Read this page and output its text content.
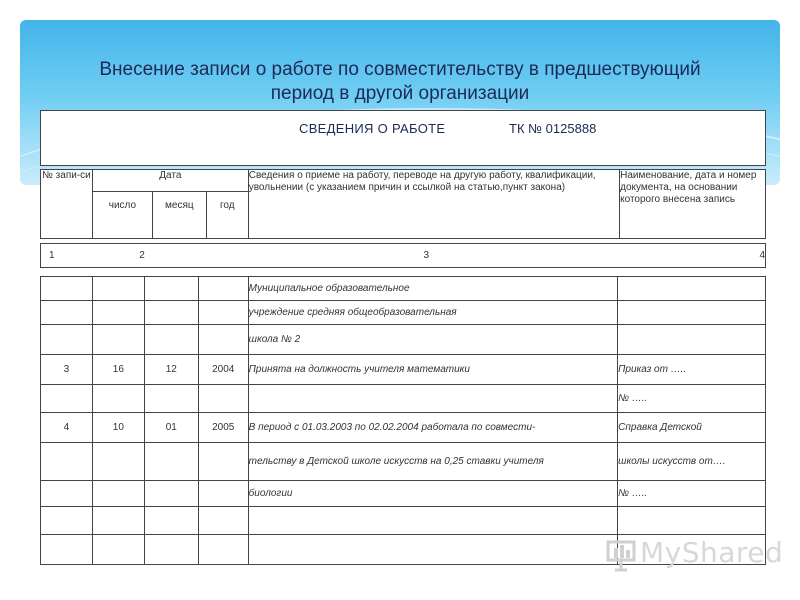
Внесение записи о работе по совместительству в предшествующий
период в другой организации
СВЕДЕНИЯ О РАБОТЕ	ТК № 0125888
№ запи-си	Дата			Сведения о приеме на работу, переводе на другую работу, квалификации, увольнении (с указанием причин и ссылкой на статью,пункт закона)	Наименование, дата и номер документа, на основании которого внесена запись
	число	месяц	год		
1	2	3	4
				Муниципальное образовательное	
				учреждение средняя общеобразовательная	
				школа № 2	
3	16	12	2004	Принята на должность учителя математики	Приказ от …..
					№ …..
4	10	01	2005	В период с 01.03.2003 по 02.02.2004 работала по совмести-	Справка Детской
				тельству в Детской школе искусств на 0,25 ставки учителя	школы искусств от….
				биологии	№ …..

MyShared
